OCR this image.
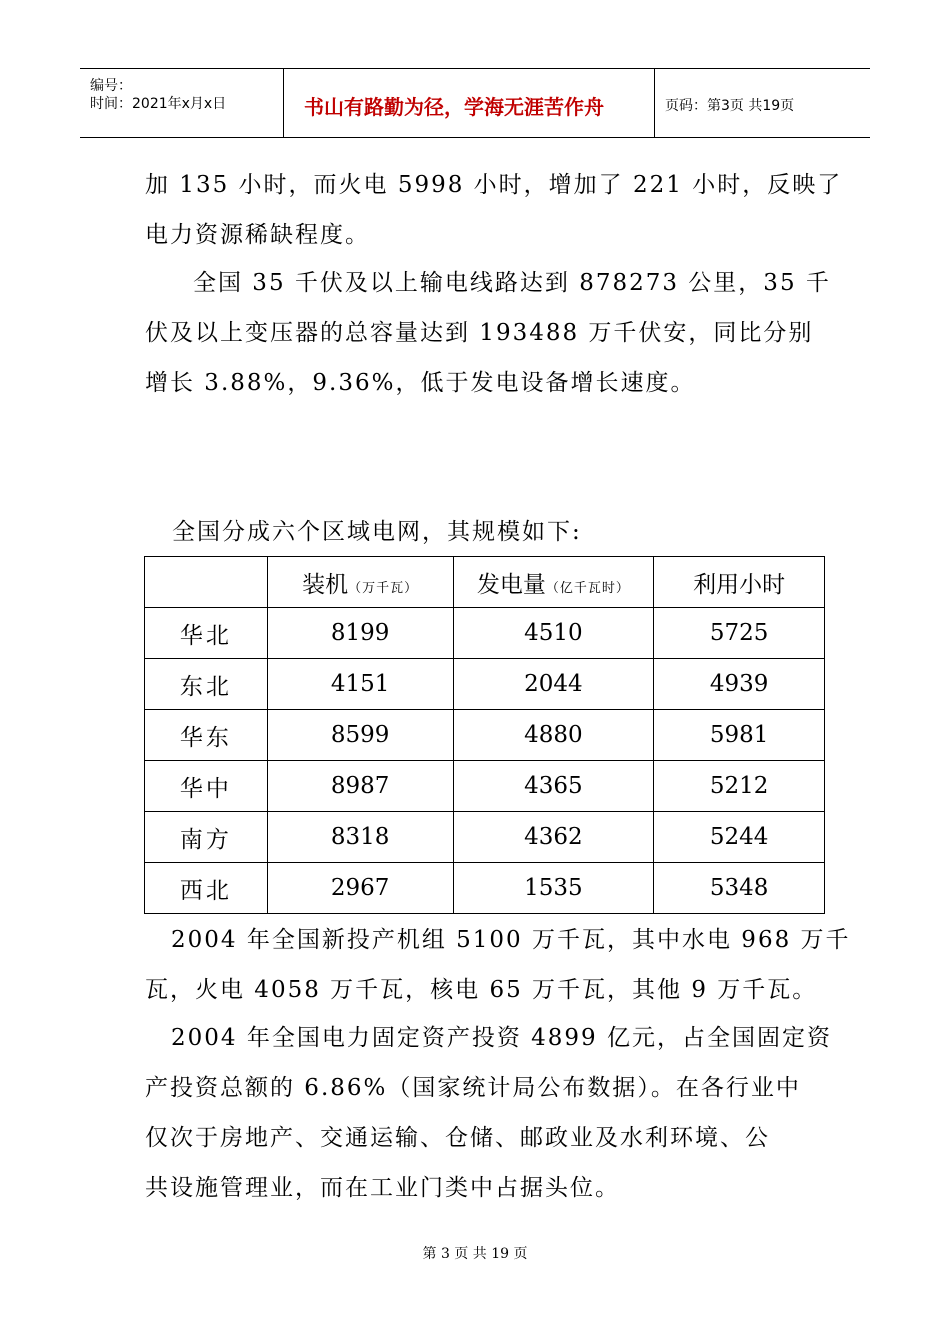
编号：
时间：2021年x月x日	书山有路勤为径，学海无涯苦作舟	页码：第3页 共19页
加 135 小时，而火电 5998 小时，增加了 221 小时，反映了
电力资源稀缺程度。
全国 35 千伏及以上输电线路达到 878273 公里，35 千
伏及以上变压器的总容量达到 193488 万千伏安，同比分别
增长 3.88%，9.36%，低于发电设备增长速度。
全国分成六个区域电网，其规模如下:
	装机（万千瓦）	发电量（亿千瓦时）	利用小时
华北	8199	4510	5725
东北	4151	2044	4939
华东	8599	4880	5981
华中	8987	4365	5212
南方	8318	4362	5244
西北	2967	1535	5348
2004 年全国新投产机组 5100 万千瓦，其中水电 968 万千
瓦，火电 4058 万千瓦，核电 65 万千瓦，其他 9 万千瓦。
2004 年全国电力固定资产投资 4899 亿元，占全国固定资
产投资总额的 6.86%（国家统计局公布数据）。在各行业中
仅次于房地产、交通运输、仓储、邮政业及水利环境、公
共设施管理业，而在工业门类中占据头位。
第 3 页 共 19 页
